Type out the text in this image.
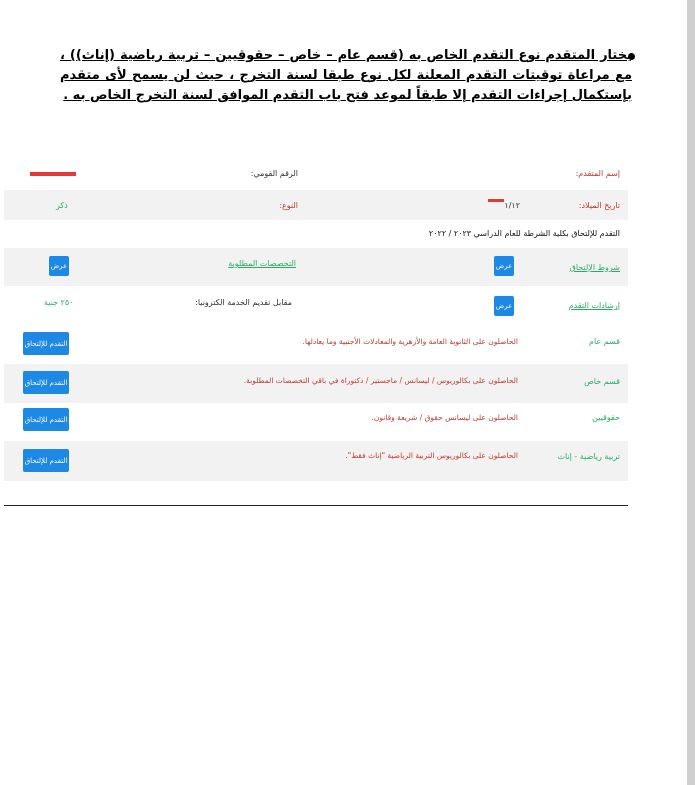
يختار المتقدم نوع التقدم الخاص به (قسم عام – خاص – حقوقيين – تربية رياضية (إناث)) ، مع مراعاة توقيتات التقدم المعلنة لكل نوع طبقا لسنة التخرج ، حيث لن يسمح لأى متقدم بإستكمال إجراءات التقدم إلا طبقاً لموعد فتح باب التقدم الموافق لسنة التخرج الخاص به .
إسم المتقدم:
الرقم القومي:
تاريخ الميلاد:
١/١٢
النوع:
ذكر
التقدم للإلتحاق بكلية الشرطة للعام الدراسي ٢٠٢٣ / ٢٠٢٢
شروط الإلتحاق
عرض
التخصصات المطلوبة
عرض
إرشادات التقدم
عرض
مقابل تقديم الخدمة الكترونيا:
٢٥٠ جنية
قسم عام
الحاصلون على الثانوية العامة والأزهرية والمعادلات الأجنبية وما يعادلها.
التقدم للإلتحاق
قسم خاص
الحاصلون على بكالوريوس / ليسانس / ماجستير / دكتوراة في باقي التخصصات المطلوبة.
التقدم للإلتحاق
حقوقيين
الحاصلون على ليسانس حقوق / شريعة وقانون.
التقدم للإلتحاق
تربية رياضية - إناث
الحاصلون على بكالوريوس التربية الرياضية "إناث فقط".
التقدم للإلتحاق
